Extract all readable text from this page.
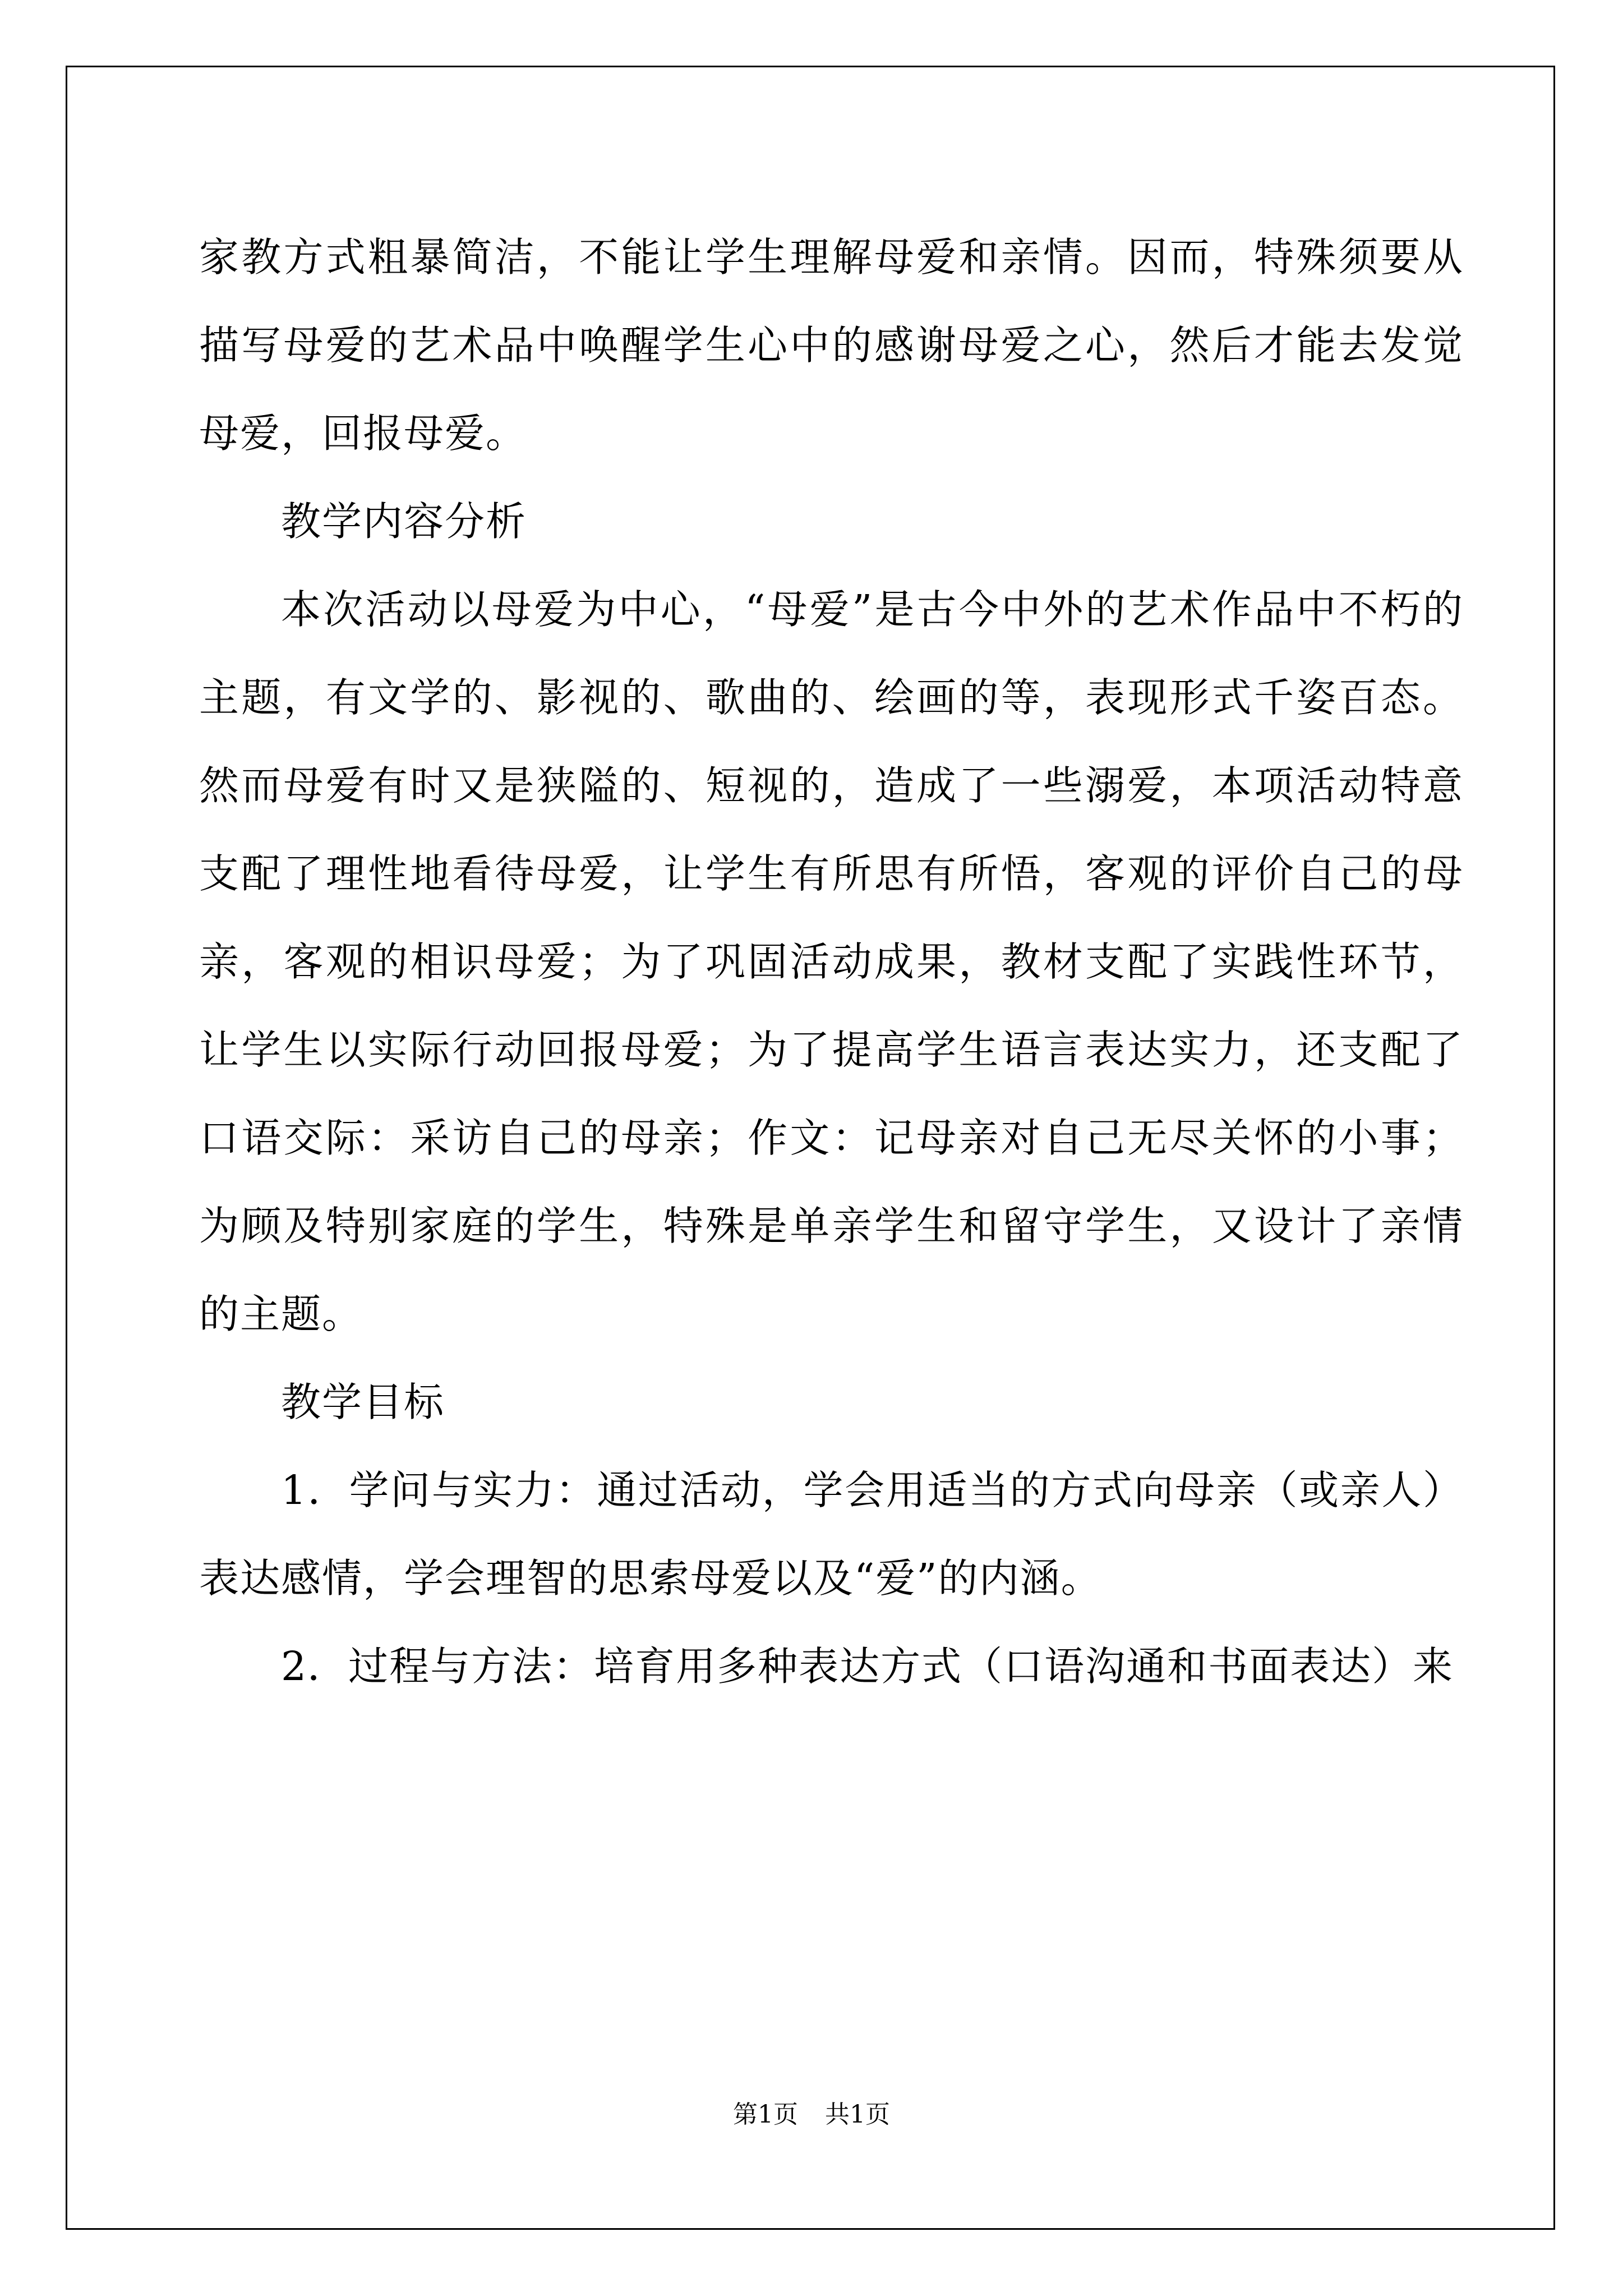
家教方式粗暴简洁，不能让学生理解母爱和亲情。因而，特殊须要从描写母爱的艺术品中唤醒学生心中的感谢母爱之心，然后才能去发觉母爱，回报母爱。

教学内容分析

本次活动以母爱为中心，“母爱”是古今中外的艺术作品中不朽的主题，有文学的、影视的、歌曲的、绘画的等，表现形式千姿百态。然而母爱有时又是狭隘的、短视的，造成了一些溺爱，本项活动特意支配了理性地看待母爱，让学生有所思有所悟，客观的评价自己的母亲，客观的相识母爱；为了巩固活动成果，教材支配了实践性环节，让学生以实际行动回报母爱；为了提高学生语言表达实力，还支配了口语交际：采访自己的母亲；作文：记母亲对自己无尽关怀的小事；为顾及特别家庭的学生，特殊是单亲学生和留守学生，又设计了亲情的主题。

教学目标

1．学问与实力：通过活动，学会用适当的方式向母亲（或亲人）表达感情，学会理智的思索母爱以及“爱”的内涵。

2．过程与方法：培育用多种表达方式（口语沟通和书面表达）来

第1页 共1页
